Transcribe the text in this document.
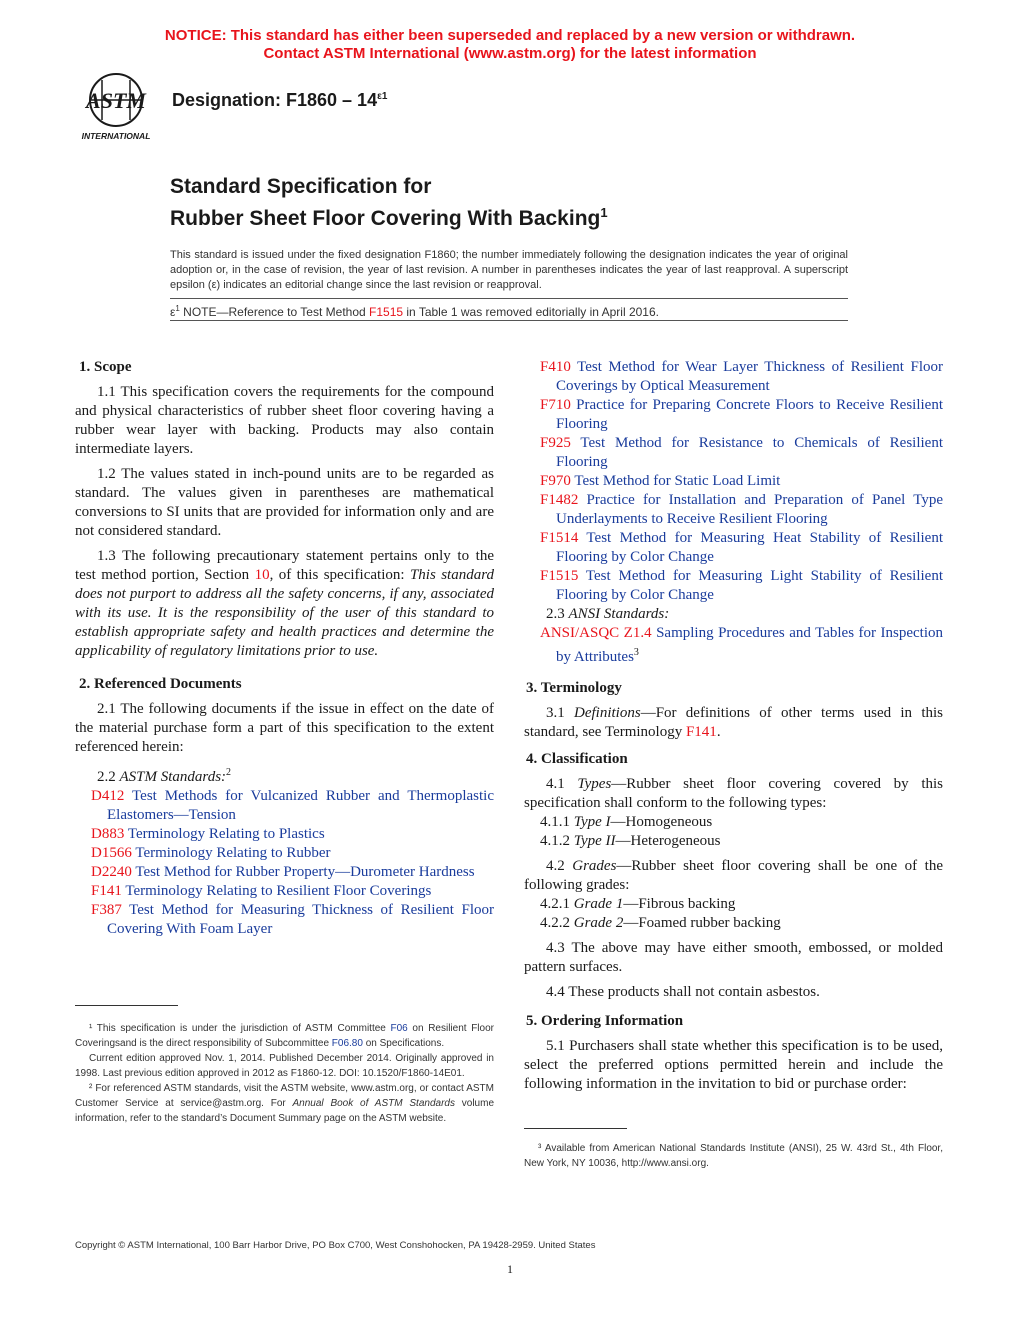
NOTICE: This standard has either been superseded and replaced by a new version or withdrawn.
Contact ASTM International (www.astm.org) for the latest information
ASTM
INTERNATIONAL
Designation: $F1860 - 14^{\varepsilon 1}$
Standard Specification for
Rubber Sheet Floor Covering With Backing$^1$
This standard is issued under the fixed designation F1860; the number immediately following the designation indicates the year of original adoption or, in the case of revision, the year of last revision. A number in parentheses indicates the year of last reapproval. A superscript epsilon (ε) indicates an editorial change since the last revision or reapproval.
$\varepsilon^1$ NOTE—Reference to Test Method F1515 in Table 1 was removed editorially in April 2016.

1. Scope

1.1 This specification covers the requirements for the compound and physical characteristics of rubber sheet floor covering having a rubber wear layer with backing. Products may also contain intermediate layers.

1.2 The values stated in inch-pound units are to be regarded as standard. The values given in parentheses are mathematical conversions to SI units that are provided for information only and are not considered standard.

1.3 The following precautionary statement pertains only to the test method portion, Section 10, of this specification: This standard does not purport to address all the safety concerns, if any, associated with its use. It is the responsibility of the user of this standard to establish appropriate safety and health practices and determine the applicability of regulatory limitations prior to use.

2. Referenced Documents

2.1 The following documents if the issue in effect on the date of the material purchase form a part of this specification to the extent referenced herein:

2.2 ASTM Standards:$^2$

D412 Test Methods for Vulcanized Rubber and Thermoplastic Elastomers—Tension

D883 Terminology Relating to Plastics

D1566 Terminology Relating to Rubber

D2240 Test Method for Rubber Property—Durometer Hardness

F141 Terminology Relating to Resilient Floor Coverings

F387 Test Method for Measuring Thickness of Resilient Floor Covering With Foam Layer

¹ This specification is under the jurisdiction of ASTM Committee F06 on Resilient Floor Coveringsand is the direct responsibility of Subcommittee F06.80 on Specifications.

Current edition approved Nov. 1, 2014. Published December 2014. Originally approved in 1998. Last previous edition approved in 2012 as F1860-12. DOI: 10.1520/F1860-14E01.

² For referenced ASTM standards, visit the ASTM website, www.astm.org, or contact ASTM Customer Service at service@astm.org. For Annual Book of ASTM Standards volume information, refer to the standard’s Document Summary page on the ASTM website.

F410 Test Method for Wear Layer Thickness of Resilient Floor Coverings by Optical Measurement

F710 Practice for Preparing Concrete Floors to Receive Resilient Flooring

F925 Test Method for Resistance to Chemicals of Resilient Flooring

F970 Test Method for Static Load Limit

F1482 Practice for Installation and Preparation of Panel Type Underlayments to Receive Resilient Flooring

F1514 Test Method for Measuring Heat Stability of Resilient Flooring by Color Change

F1515 Test Method for Measuring Light Stability of Resilient Flooring by Color Change

2.3 ANSI Standards:

ANSI/ASQC Z1.4 Sampling Procedures and Tables for Inspection by Attributes$^3$

3. Terminology

3.1 Definitions—For definitions of other terms used in this standard, see Terminology F141.

4. Classification

4.1 Types—Rubber sheet floor covering covered by this specification shall conform to the following types:

4.1.1 Type I—Homogeneous

4.1.2 Type II—Heterogeneous

4.2 Grades—Rubber sheet floor covering shall be one of the following grades:

4.2.1 Grade 1—Fibrous backing

4.2.2 Grade 2—Foamed rubber backing

4.3 The above may have either smooth, embossed, or molded pattern surfaces.

4.4 These products shall not contain asbestos.

5. Ordering Information

5.1 Purchasers shall state whether this specification is to be used, select the preferred options permitted herein and include the following information in the invitation to bid or purchase order:

³ Available from American National Standards Institute (ANSI), 25 W. 43rd St., 4th Floor, New York, NY 10036, http://www.ansi.org.

Copyright © ASTM International, 100 Barr Harbor Drive, PO Box C700, West Conshohocken, PA 19428-2959. United States
1
